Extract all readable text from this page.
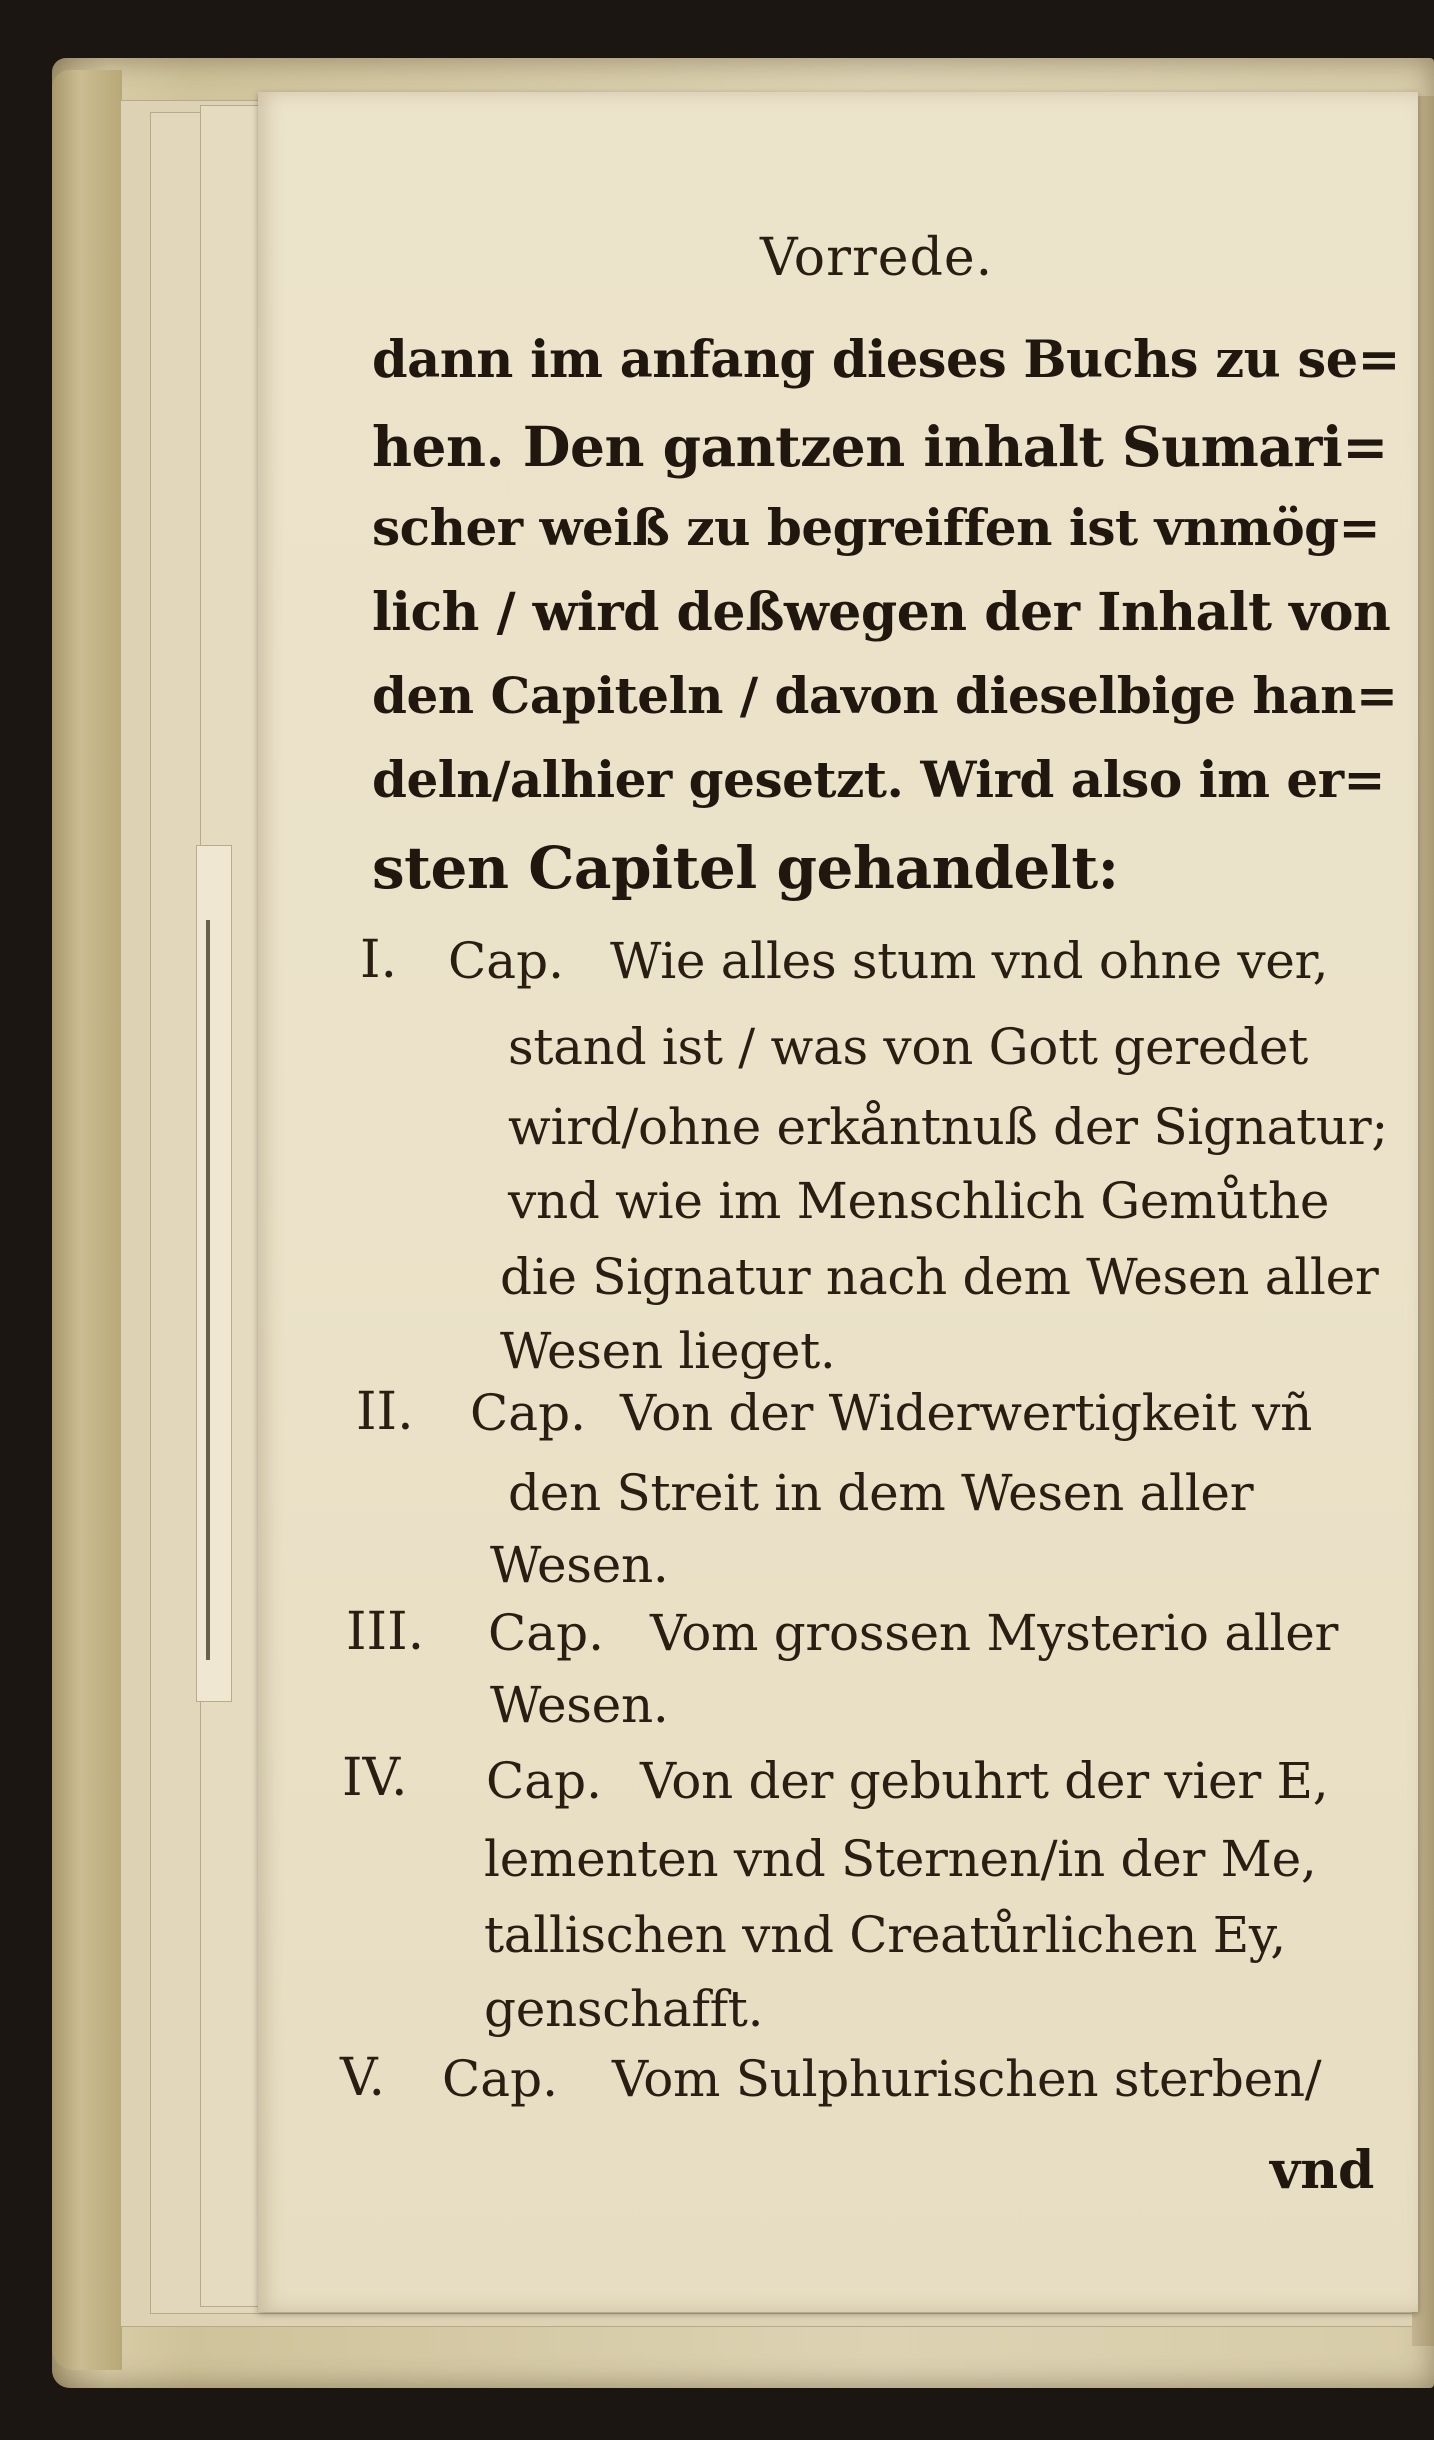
Vorrede.
dann im anfang dieses Buchs zu se=
hen. Den gantzen inhalt Sumari=
scher weiß zu begreiffen ist vnmög=
lich / wird deßwegen der Inhalt von
den Capiteln / davon dieselbige han=
deln/alhier gesetzt. Wird also im er=
sten Capitel gehandelt:
I. Cap. Wie alles stum vnd ohne ver,
stand ist / was von Gott geredet
wird/ohne erkåntnuß der Signatur;
vnd wie im Menschlich Gemůthe
die Signatur nach dem Wesen aller
Wesen lieget.
II. Cap. Von der Widerwertigkeit vñ
den Streit in dem Wesen aller
Wesen.
III. Cap. Vom grossen Mysterio aller
Wesen.
IV. Cap. Von der gebuhrt der vier E,
lementen vnd Sternen/in der Me,
tallischen vnd Creatůrlichen Ey,
genschafft.
V. Cap. Vom Sulphurischen sterben/
vnd
